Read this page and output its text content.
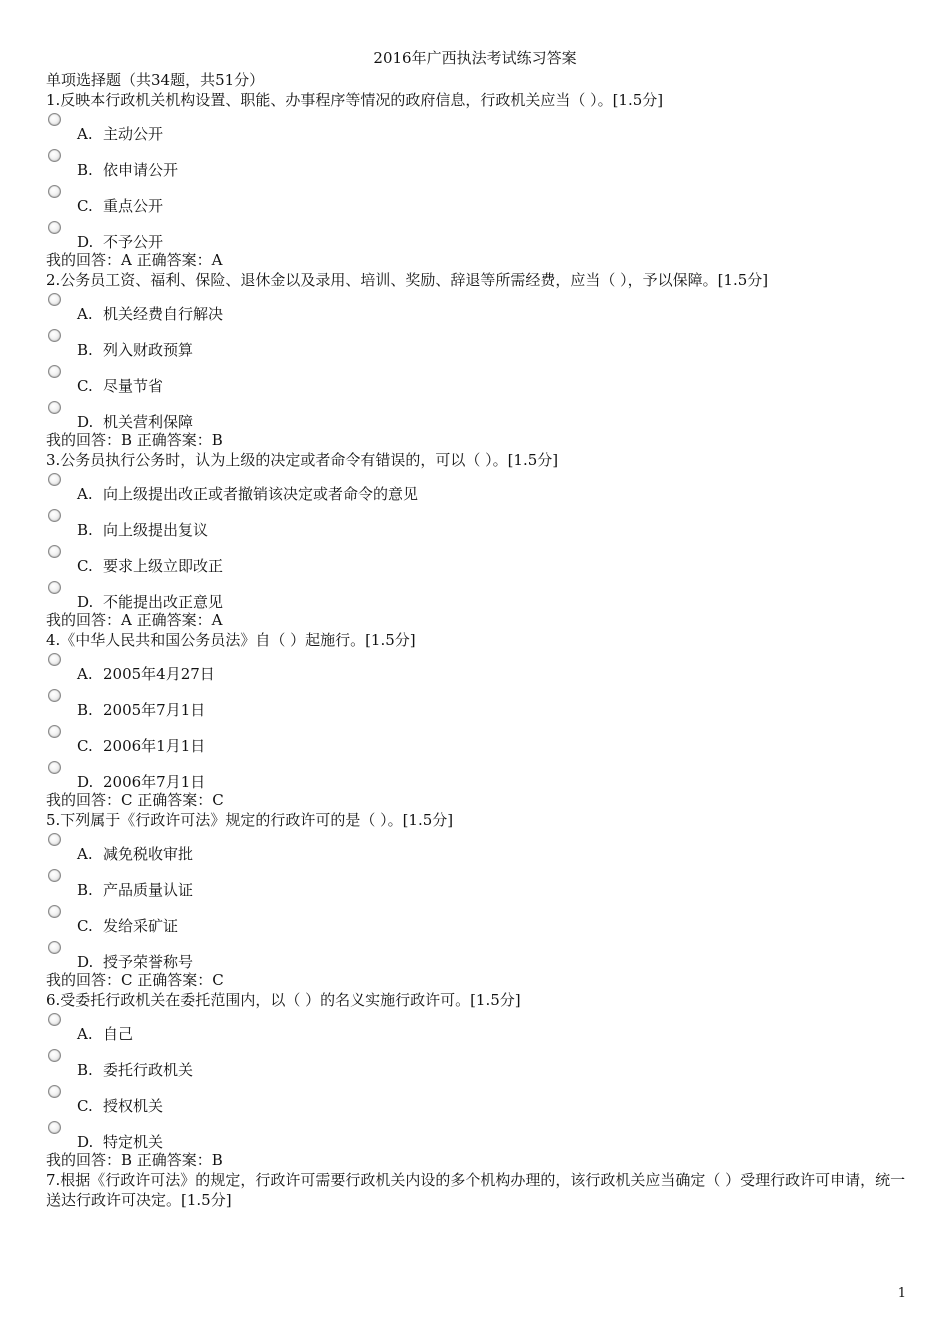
2016年广西执法考试练习答案

单项选择题（共34题，共51分）

1.反映本行政机关机构设置、职能、办事程序等情况的政府信息，行政机关应当（ ）。[1.5分]

A. 主动公开
B. 依申请公开
C. 重点公开
D. 不予公开

我的回答：A 正确答案：A

2.公务员工资、福利、保险、退休金以及录用、培训、奖励、辞退等所需经费，应当（ ），予以保障。[1.5分]

A. 机关经费自行解决
B. 列入财政预算
C. 尽量节省
D. 机关营利保障

我的回答：B 正确答案：B

3.公务员执行公务时，认为上级的决定或者命令有错误的，可以（ ）。[1.5分]

A. 向上级提出改正或者撤销该决定或者命令的意见
B. 向上级提出复议
C. 要求上级立即改正
D. 不能提出改正意见

我的回答：A 正确答案：A

4.《中华人民共和国公务员法》自（ ）起施行。[1.5分]

A. 2005年4月27日
B. 2005年7月1日
C. 2006年1月1日
D. 2006年7月1日

我的回答：C 正确答案：C

5.下列属于《行政许可法》规定的行政许可的是（ ）。[1.5分]

A. 减免税收审批
B. 产品质量认证
C. 发给采矿证
D. 授予荣誉称号

我的回答：C 正确答案：C

6.受委托行政机关在委托范围内，以（ ）的名义实施行政许可。[1.5分]

A. 自己
B. 委托行政机关
C. 授权机关
D. 特定机关

我的回答：B 正确答案：B

7.根据《行政许可法》的规定，行政许可需要行政机关内设的多个机构办理的，该行政机关应当确定（ ）受理行政许可申请，统一送达行政许可决定。[1.5分]

1
